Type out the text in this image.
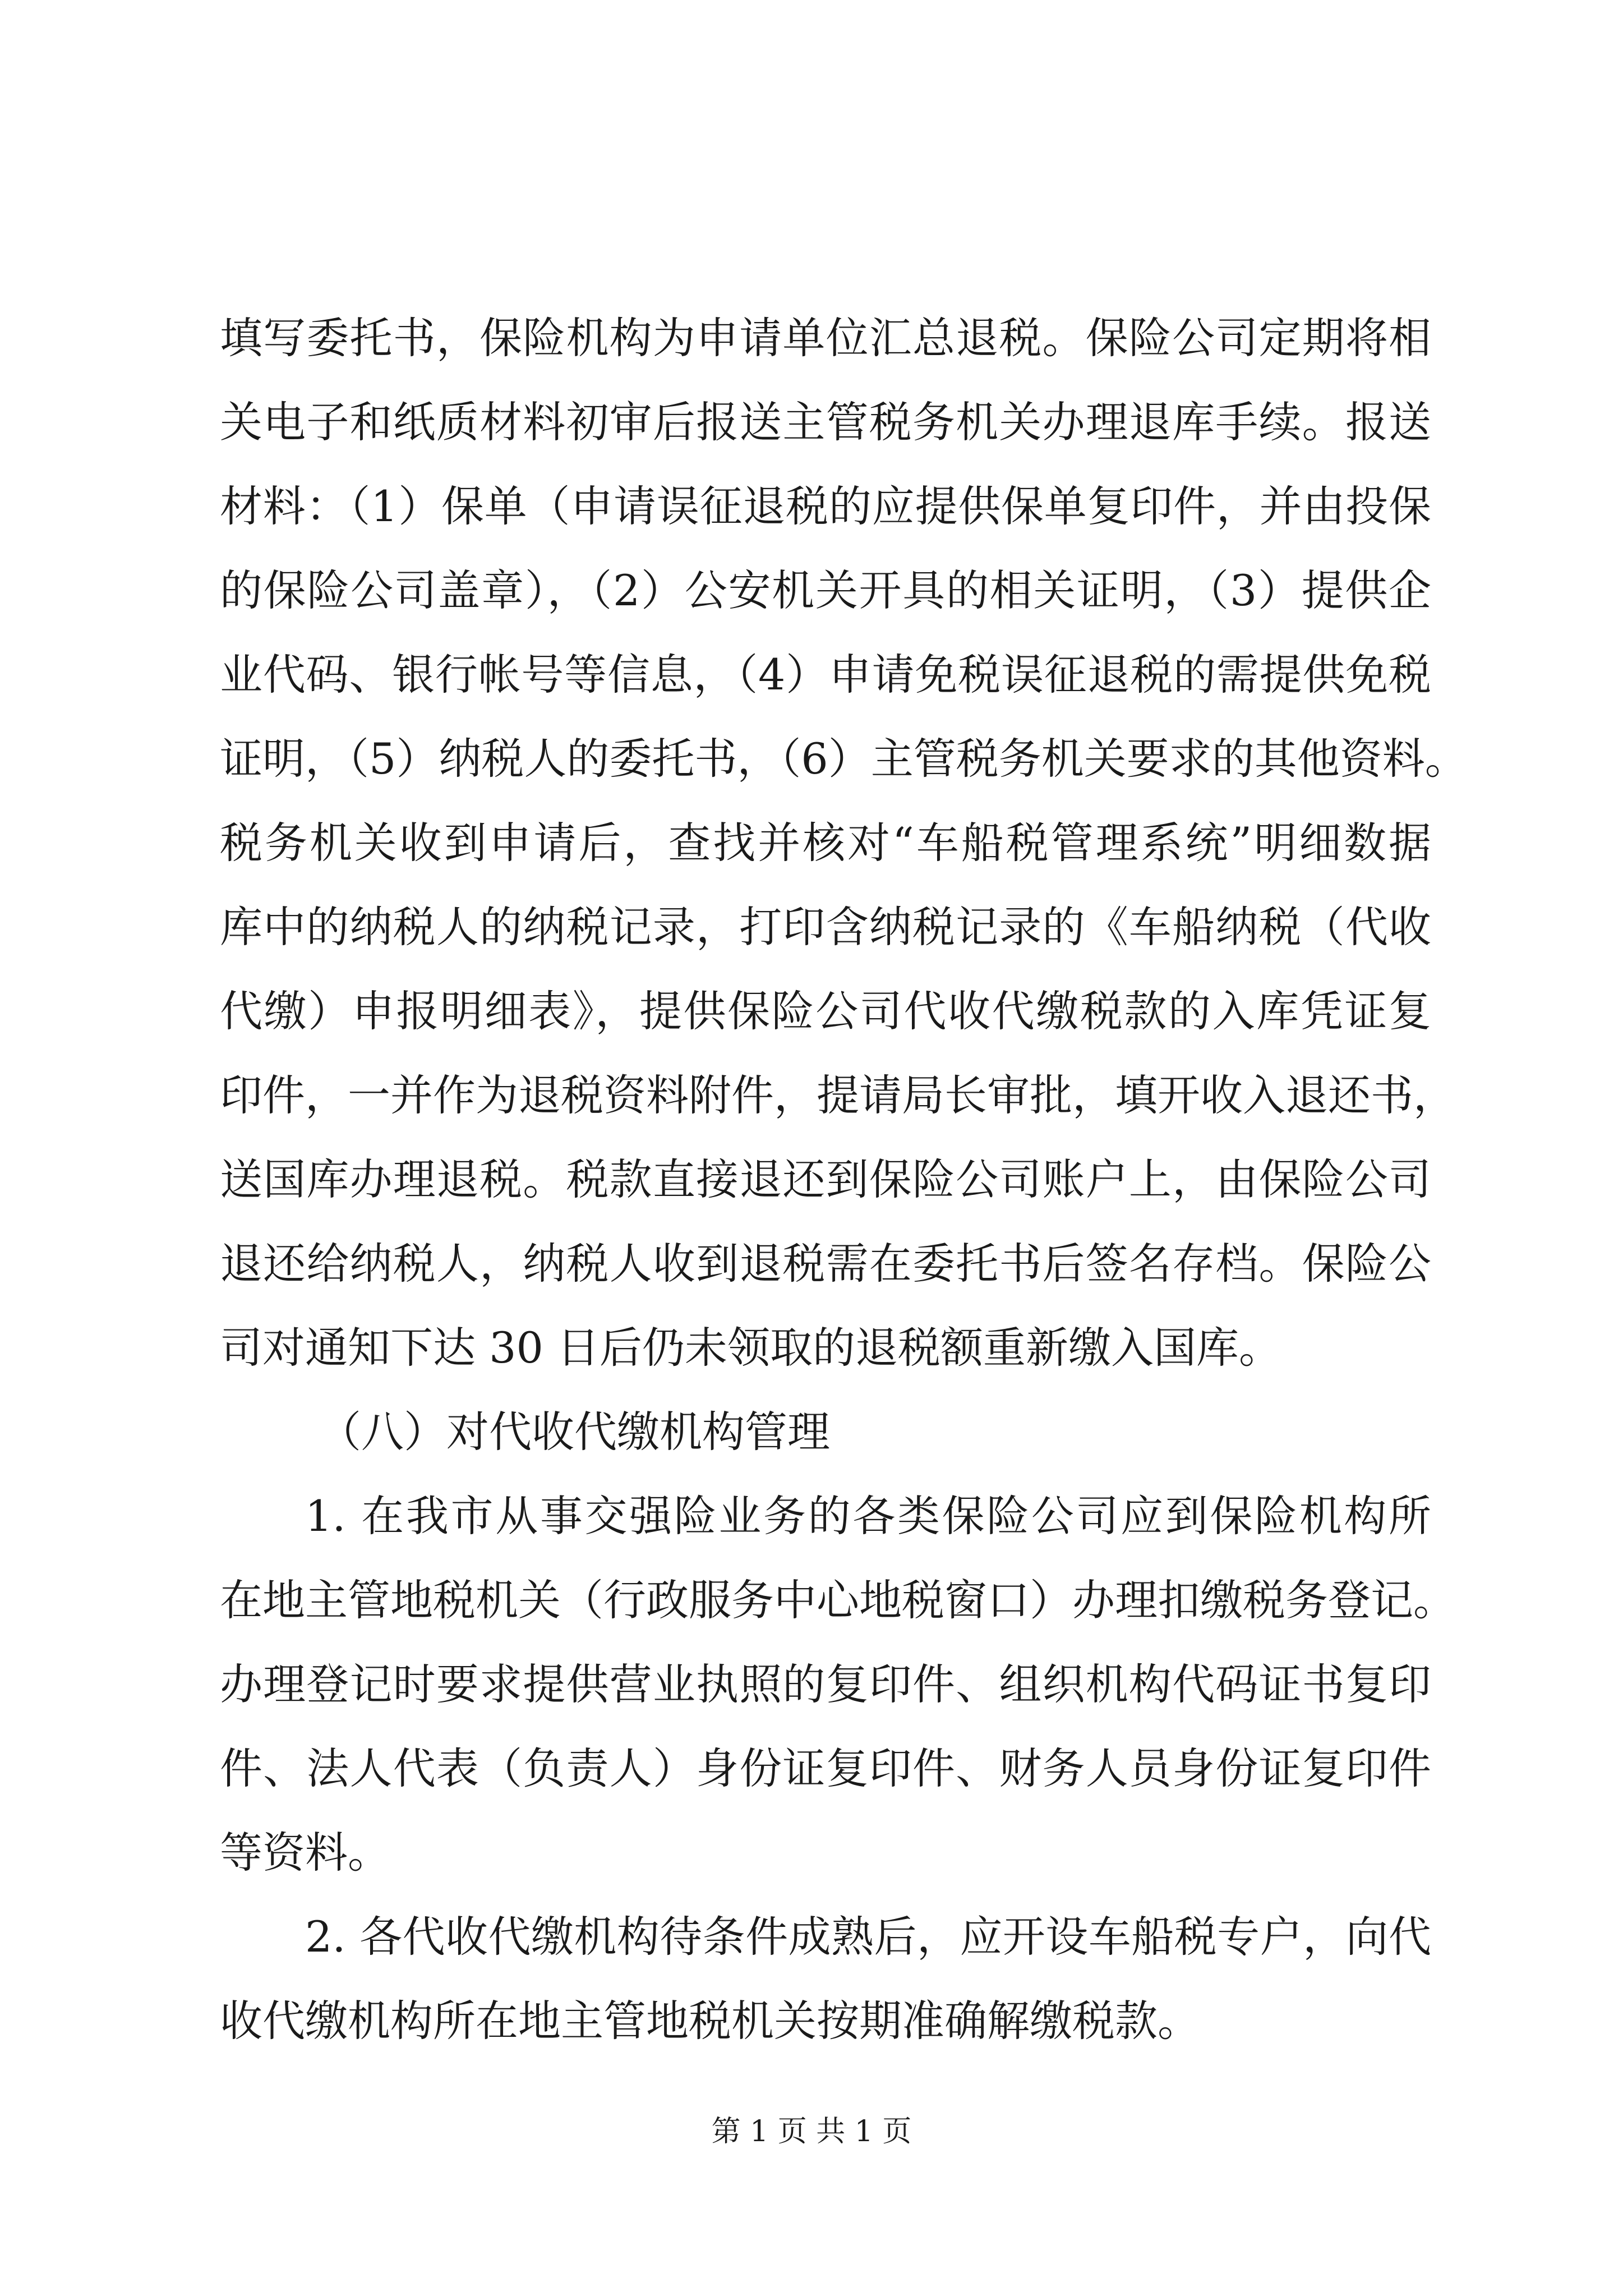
填写委托书，保险机构为申请单位汇总退税。保险公司定期将相
关电子和纸质材料初审后报送主管税务机关办理退库手续。报送
材料：（1）保单（申请误征退税的应提供保单复印件，并由投保
的保险公司盖章），（2）公安机关开具的相关证明，（3）提供企
业代码、银行帐号等信息，（4）申请免税误征退税的需提供免税
证明，（5）纳税人的委托书，（6）主管税务机关要求的其他资料。
税务机关收到申请后，查找并核对“车船税管理系统”明细数据
库中的纳税人的纳税记录，打印含纳税记录的《车船纳税（代收
代缴）申报明细表》，提供保险公司代收代缴税款的入库凭证复
印件，一并作为退税资料附件，提请局长审批，填开收入退还书，
送国库办理退税。税款直接退还到保险公司账户上，由保险公司
退还给纳税人，纳税人收到退税需在委托书后签名存档。保险公
司对通知下达 30 日后仍未领取的退税额重新缴入国库。
（八）对代收代缴机构管理
1. 在我市从事交强险业务的各类保险公司应到保险机构所
在地主管地税机关（行政服务中心地税窗口）办理扣缴税务登记。
办理登记时要求提供营业执照的复印件、组织机构代码证书复印
件、法人代表（负责人）身份证复印件、财务人员身份证复印件
等资料。
2. 各代收代缴机构待条件成熟后，应开设车船税专户，向代
收代缴机构所在地主管地税机关按期准确解缴税款。
第 1 页 共 1 页
